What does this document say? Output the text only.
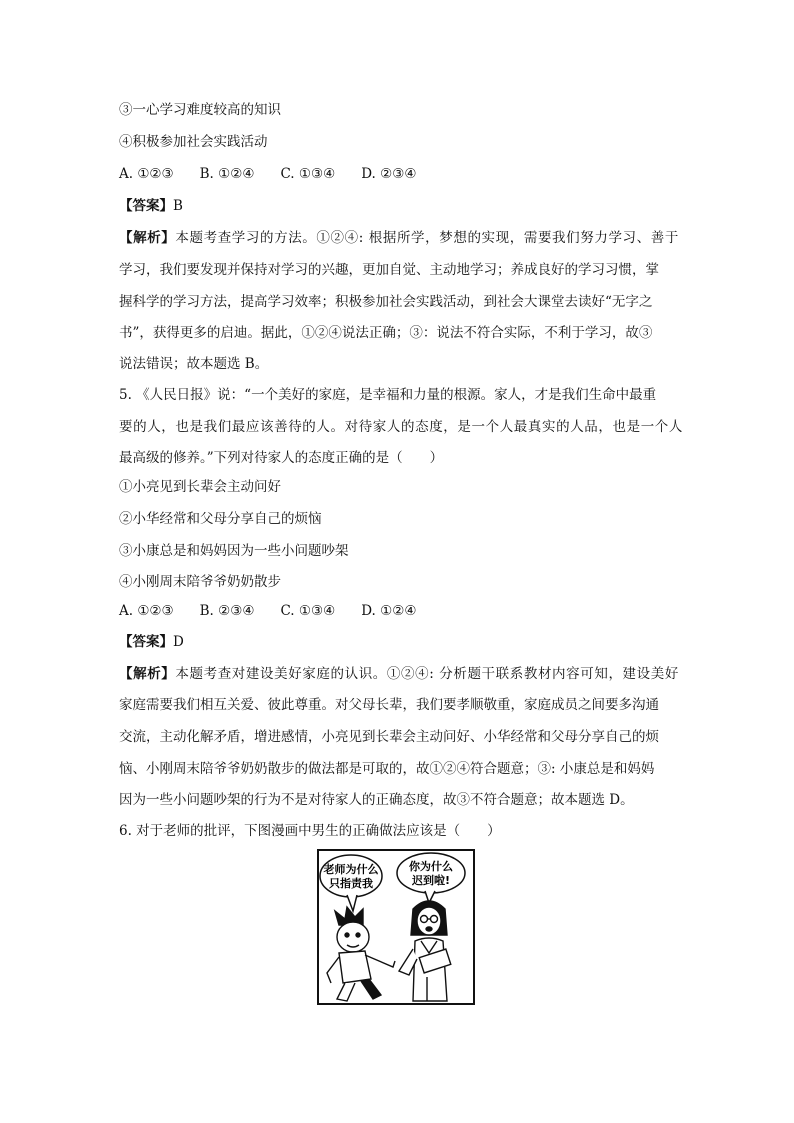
③一心学习难度较高的知识
④积极参加社会实践活动
A. ①②③ B. ①②④ C. ①③④ D. ②③④
【答案】B
【解析】本题考查学习的方法。①②④: 根据所学，梦想的实现，需要我们努力学习、善于
学习，我们要发现并保持对学习的兴趣，更加自觉、主动地学习；养成良好的学习习惯，掌
握科学的学习方法，提高学习效率；积极参加社会实践活动，到社会大课堂去读好“无字之
书”，获得更多的启迪。据此，①②④说法正确；③：说法不符合实际，不利于学习，故③
说法错误；故本题选 B。
5. 《人民日报》说：“一个美好的家庭，是幸福和力量的根源。家人，才是我们生命中最重
要的人，也是我们最应该善待的人。对待家人的态度，是一个人最真实的人品，也是一个人
最高级的修养。”下列对待家人的态度正确的是（　　）
①小亮见到长辈会主动问好
②小华经常和父母分享自己的烦恼
③小康总是和妈妈因为一些小问题吵架
④小刚周末陪爷爷奶奶散步
A. ①②③ B. ②③④ C. ①③④ D. ①②④
【答案】D
【解析】本题考查对建设美好家庭的认识。①②④: 分析题干联系教材内容可知，建设美好
家庭需要我们相互关爱、彼此尊重。对父母长辈，我们要孝顺敬重，家庭成员之间要多沟通
交流，主动化解矛盾，增进感情，小亮见到长辈会主动问好、小华经常和父母分享自己的烦
恼、小刚周末陪爷爷奶奶散步的做法都是可取的，故①②④符合题意；③: 小康总是和妈妈
因为一些小问题吵架的行为不是对待家人的正确态度，故③不符合题意；故本题选 D。
6. 对于老师的批评，下图漫画中男生的正确做法应该是（　　）
老师为什么
只指责我
你为什么
迟到啦!
